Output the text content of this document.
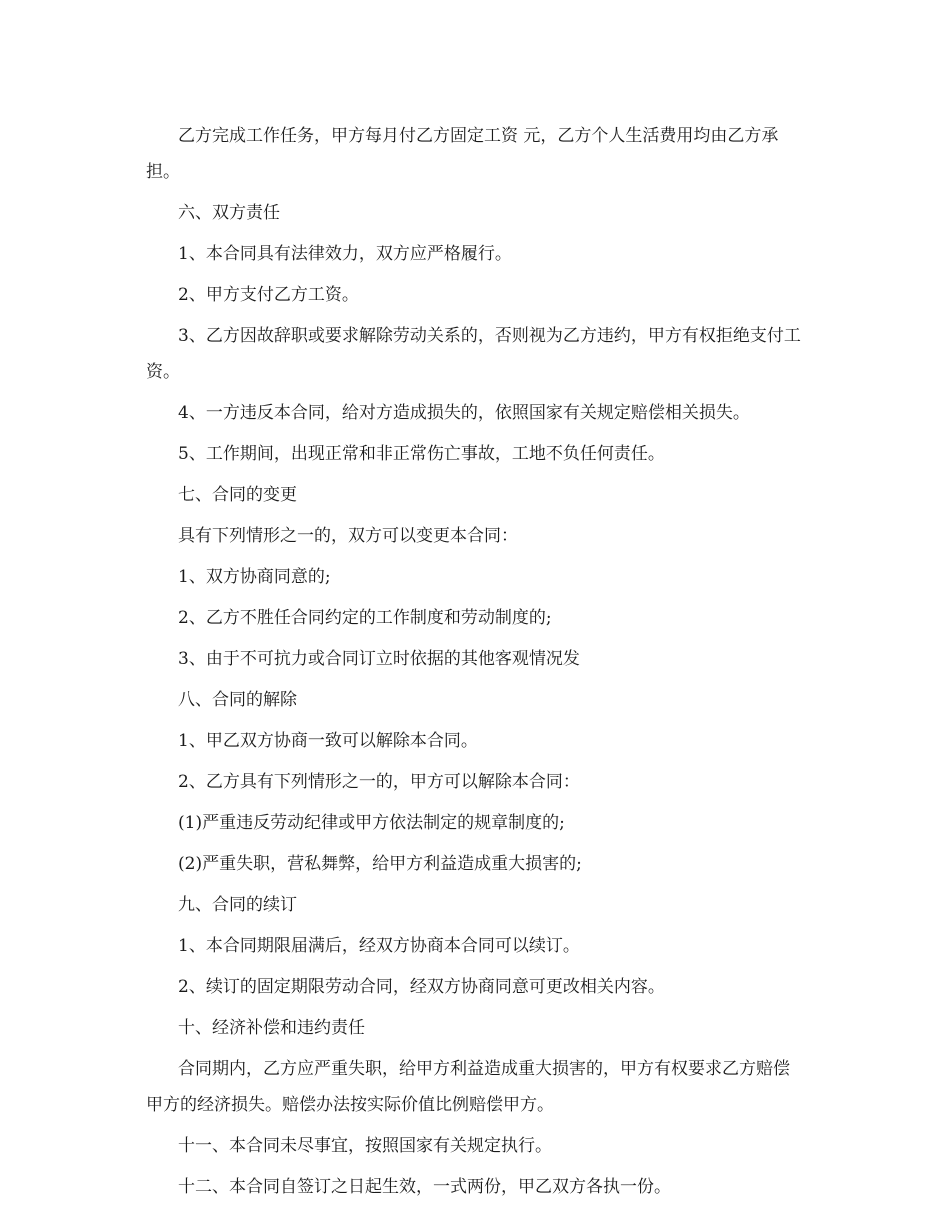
乙方完成工作任务，甲方每月付乙方固定工资 元，乙方个人生活费用均由乙方承担。

六、双方责任

1、本合同具有法律效力，双方应严格履行。

2、甲方支付乙方工资。

3、乙方因故辞职或要求解除劳动关系的，否则视为乙方违约，甲方有权拒绝支付工资。

4、一方违反本合同，给对方造成损失的，依照国家有关规定赔偿相关损失。

5、工作期间，出现正常和非正常伤亡事故，工地不负任何责任。

七、合同的变更

具有下列情形之一的，双方可以变更本合同：

1、双方协商同意的;

2、乙方不胜任合同约定的工作制度和劳动制度的;

3、由于不可抗力或合同订立时依据的其他客观情况发

八、合同的解除

1、甲乙双方协商一致可以解除本合同。

2、乙方具有下列情形之一的，甲方可以解除本合同：

(1)严重违反劳动纪律或甲方依法制定的规章制度的;

(2)严重失职，营私舞弊，给甲方利益造成重大损害的;

九、合同的续订

1、本合同期限届满后，经双方协商本合同可以续订。

2、续订的固定期限劳动合同，经双方协商同意可更改相关内容。

十、经济补偿和违约责任

合同期内，乙方应严重失职，给甲方利益造成重大损害的，甲方有权要求乙方赔偿甲方的经济损失。赔偿办法按实际价值比例赔偿甲方。

十一、本合同未尽事宜，按照国家有关规定执行。

十二、本合同自签订之日起生效，一式两份，甲乙双方各执一份。
